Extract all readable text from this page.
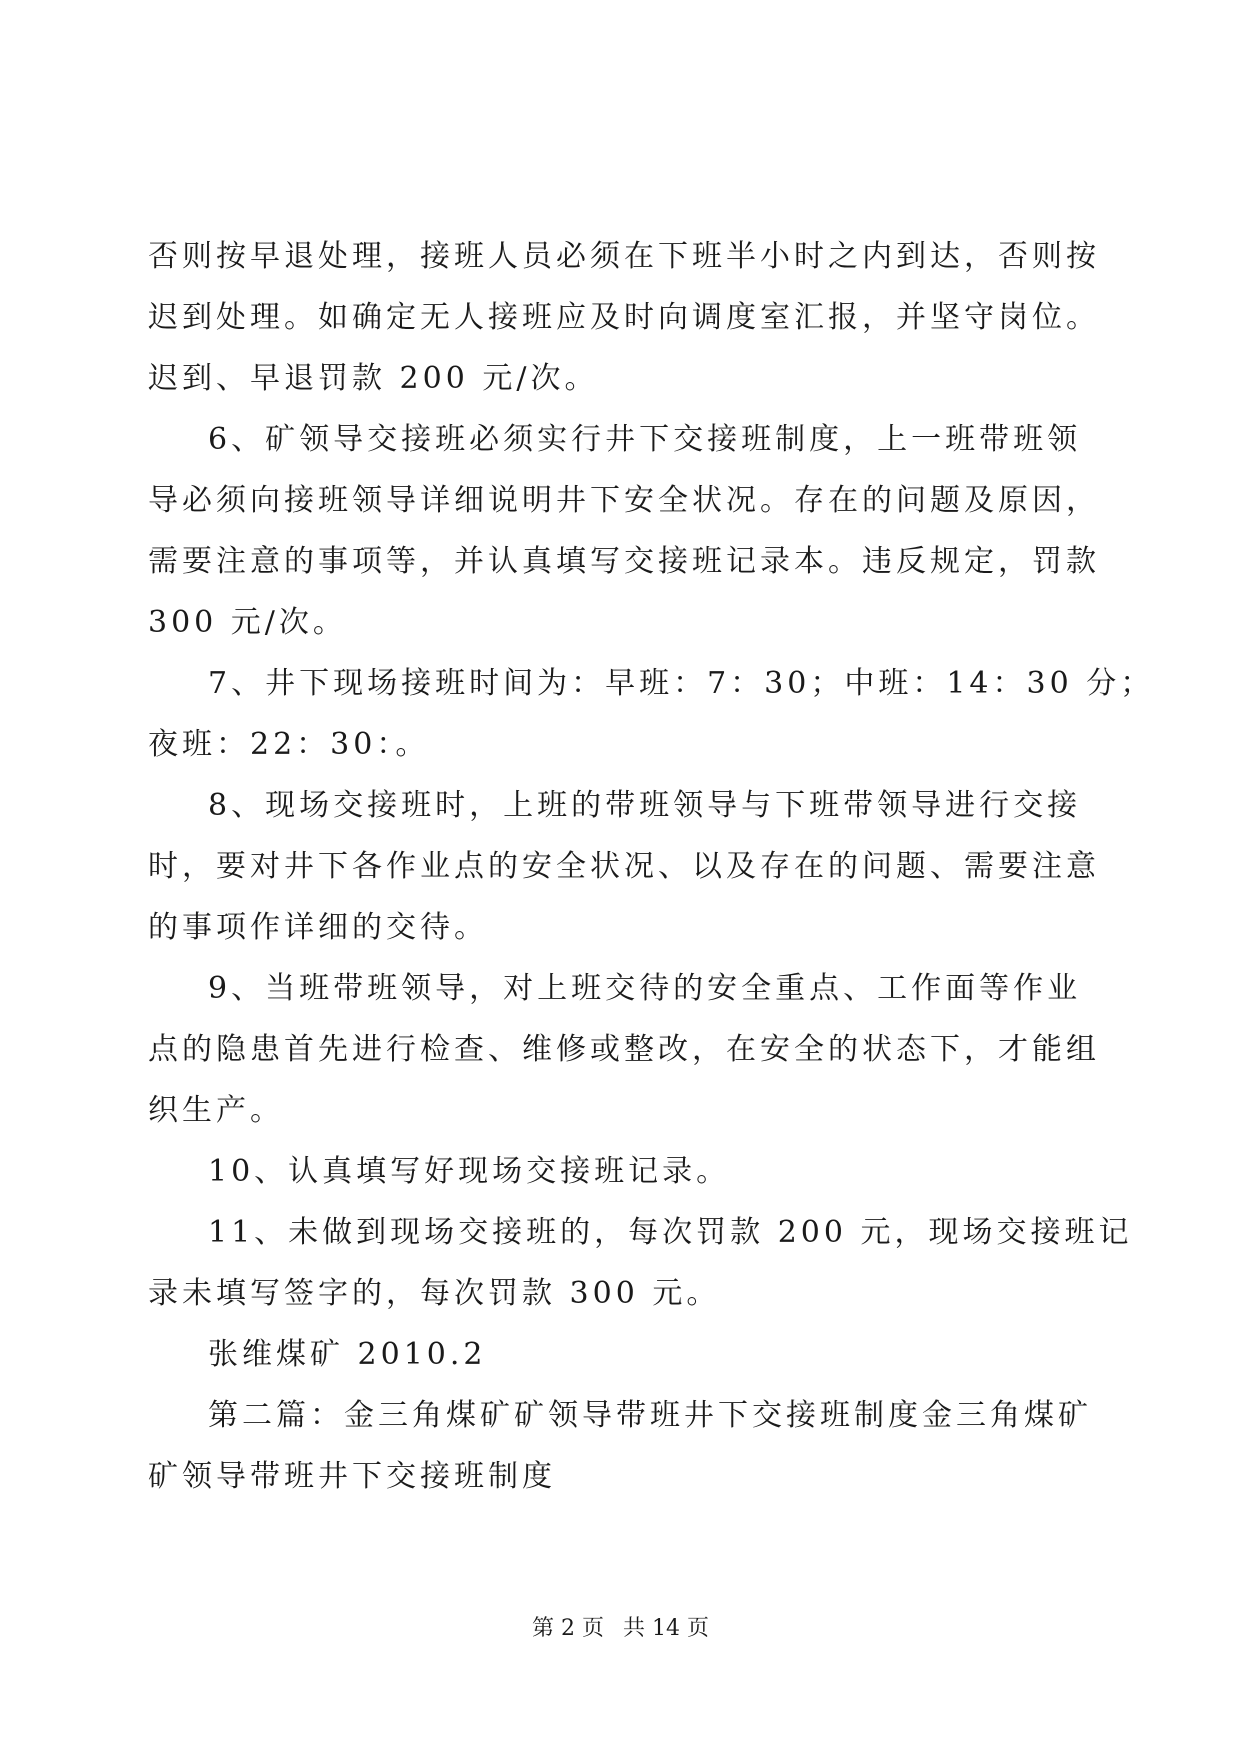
否则按早退处理，接班人员必须在下班半小时之内到达，否则按
迟到处理。如确定无人接班应及时向调度室汇报，并坚守岗位。
迟到、早退罚款 200 元/次。
6、矿领导交接班必须实行井下交接班制度，上一班带班领
导必须向接班领导详细说明井下安全状况。存在的问题及原因，
需要注意的事项等，并认真填写交接班记录本。违反规定，罚款
300 元/次。
7、井下现场接班时间为：早班：7：30；中班：14：30 分；
夜班：22：30：。
8、现场交接班时，上班的带班领导与下班带领导进行交接
时，要对井下各作业点的安全状况、以及存在的问题、需要注意
的事项作详细的交待。
9、当班带班领导，对上班交待的安全重点、工作面等作业
点的隐患首先进行检查、维修或整改，在安全的状态下，才能组
织生产。
10、认真填写好现场交接班记录。
11、未做到现场交接班的，每次罚款 200 元，现场交接班记
录未填写签字的，每次罚款 300 元。
张维煤矿 2010.2
第二篇：金三角煤矿矿领导带班井下交接班制度金三角煤矿
矿领导带班井下交接班制度
第 2 页 共 14 页
